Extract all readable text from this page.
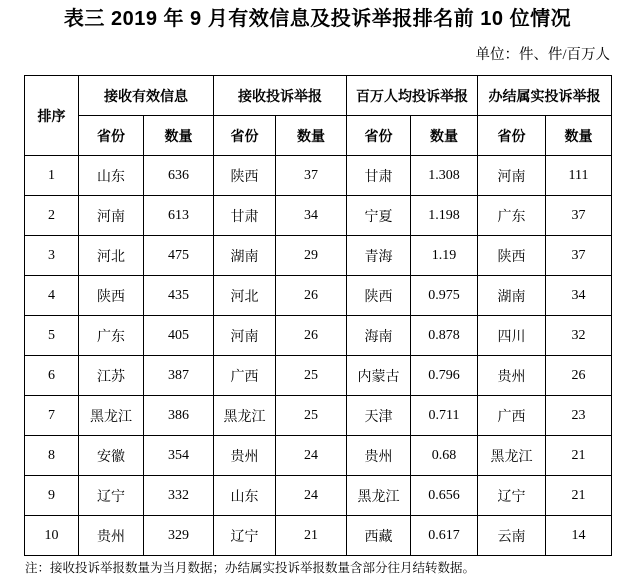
表三 2019 年 9 月有效信息及投诉举报排名前 10 位情况
单位：件、件/百万人
排序	接收有效信息		接收投诉举报		百万人均投诉举报		办结属实投诉举报	
	省份	数量	省份	数量	省份	数量	省份	数量
1	山东	636	陕西	37	甘肃	1.308	河南	111
2	河南	613	甘肃	34	宁夏	1.198	广东	37
3	河北	475	湖南	29	青海	1.19	陕西	37
4	陕西	435	河北	26	陕西	0.975	湖南	34
5	广东	405	河南	26	海南	0.878	四川	32
6	江苏	387	广西	25	内蒙古	0.796	贵州	26
7	黑龙江	386	黑龙江	25	天津	0.711	广西	23
8	安徽	354	贵州	24	贵州	0.68	黑龙江	21
9	辽宁	332	山东	24	黑龙江	0.656	辽宁	21
10	贵州	329	辽宁	21	西藏	0.617	云南	14
注：接收投诉举报数量为当月数据；办结属实投诉举报数量含部分往月结转数据。
